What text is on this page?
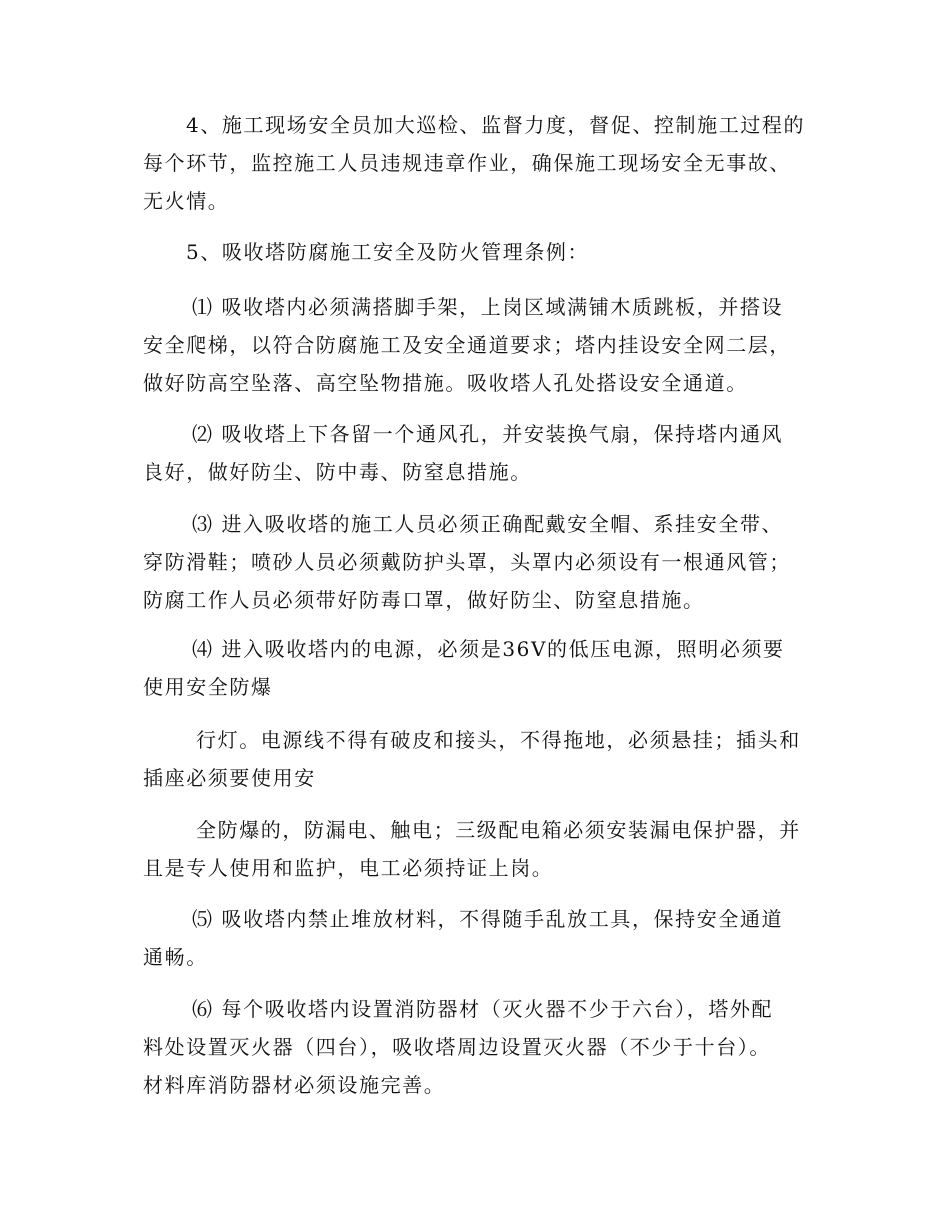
4、施工现场安全员加大巡检、监督力度，督促、控制施工过程的
每个环节，监控施工人员违规违章作业，确保施工现场安全无事故、
无火情。
5、吸收塔防腐施工安全及防火管理条例：
⑴ 吸收塔内必须满搭脚手架，上岗区域满铺木质跳板，并搭设
安全爬梯，以符合防腐施工及安全通道要求；塔内挂设安全网二层，
做好防高空坠落、高空坠物措施。吸收塔人孔处搭设安全通道。
⑵ 吸收塔上下各留一个通风孔，并安装换气扇，保持塔内通风
良好，做好防尘、防中毒、防窒息措施。
⑶ 进入吸收塔的施工人员必须正确配戴安全帽、系挂安全带、
穿防滑鞋；喷砂人员必须戴防护头罩，头罩内必须设有一根通风管；
防腐工作人员必须带好防毒口罩，做好防尘、防窒息措施。
⑷ 进入吸收塔内的电源，必须是36V的低压电源，照明必须要
使用安全防爆
行灯。电源线不得有破皮和接头，不得拖地，必须悬挂；插头和
插座必须要使用安
全防爆的，防漏电、触电；三级配电箱必须安装漏电保护器，并
且是专人使用和监护，电工必须持证上岗。
⑸ 吸收塔内禁止堆放材料，不得随手乱放工具，保持安全通道
通畅。
⑹ 每个吸收塔内设置消防器材（灭火器不少于六台），塔外配
料处设置灭火器（四台），吸收塔周边设置灭火器（不少于十台）。
材料库消防器材必须设施完善。
